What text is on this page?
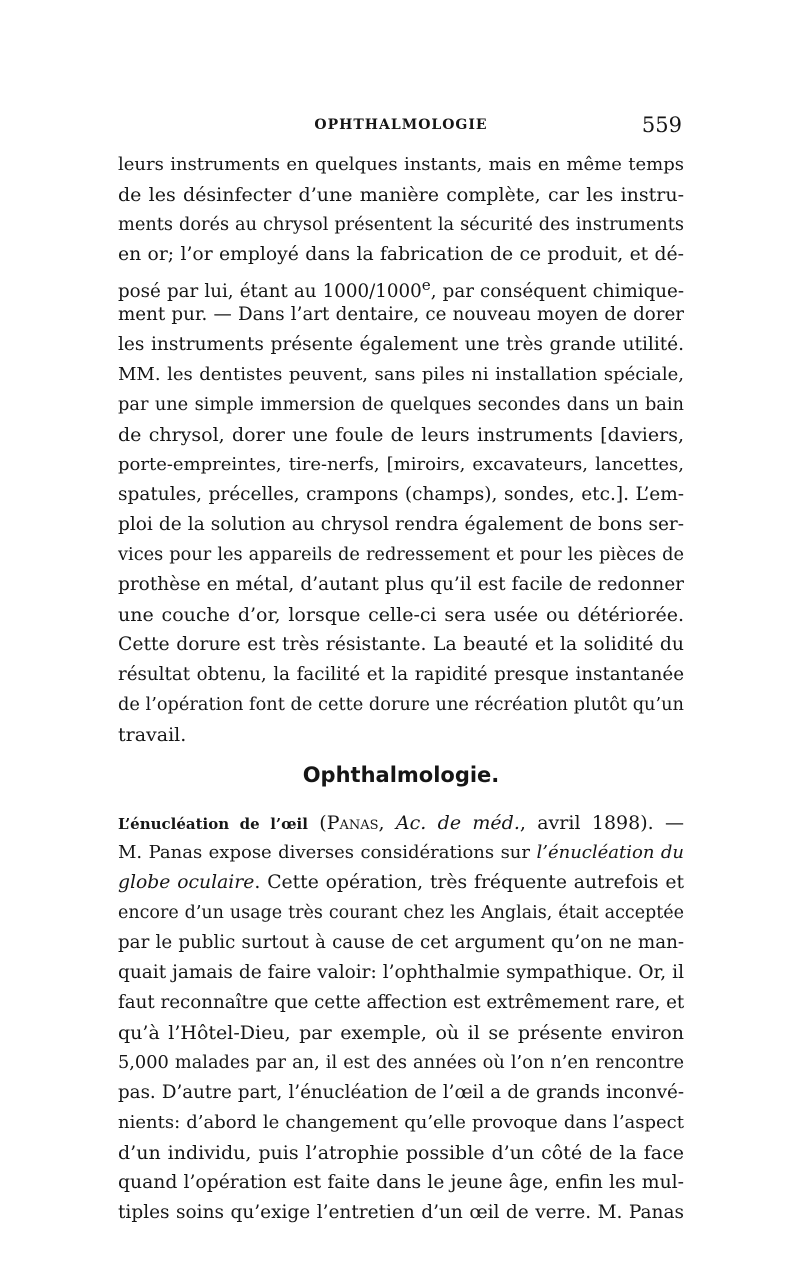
OPHTHALMOLOGIE	559
leurs instruments en quelques instants, mais en même temps
de les désinfecter d’une manière complète, car les instru-
ments dorés au chrysol présentent la sécurité des instruments
en or; l’or employé dans la fabrication de ce produit, et dé-
posé par lui, étant au 1000/1000e, par conséquent chimique-
ment pur. — Dans l’art dentaire, ce nouveau moyen de dorer
les instruments présente également une très grande utilité.
MM. les dentistes peuvent, sans piles ni installation spéciale,
par une simple immersion de quelques secondes dans un bain
de chrysol, dorer une foule de leurs instruments [daviers,
porte-empreintes, tire-nerfs, [miroirs, excavateurs, lancettes,
spatules, précelles, crampons (champs), sondes, etc.]. L’em-
ploi de la solution au chrysol rendra également de bons ser-
vices pour les appareils de redressement et pour les pièces de
prothèse en métal, d’autant plus qu’il est facile de redonner
une couche d’or, lorsque celle-ci sera usée ou détériorée.
Cette dorure est très résistante. La beauté et la solidité du
résultat obtenu, la facilité et la rapidité presque instantanée
de l’opération font de cette dorure une récréation plutôt qu’un
travail.
Ophthalmologie.
L’énucléation de l’œil (Panas, Ac. de méd., avril 1898). —
M. Panas expose diverses considérations sur l’énucléation du
globe oculaire. Cette opération, très fréquente autrefois et
encore d’un usage très courant chez les Anglais, était acceptée
par le public surtout à cause de cet argument qu’on ne man-
quait jamais de faire valoir: l’ophthalmie sympathique. Or, il
faut reconnaître que cette affection est extrêmement rare, et
qu’à l’Hôtel-Dieu, par exemple, où il se présente environ
5,000 malades par an, il est des années où l’on n’en rencontre
pas. D’autre part, l’énucléation de l’œil a de grands inconvé-
nients: d’abord le changement qu’elle provoque dans l’aspect
d’un individu, puis l’atrophie possible d’un côté de la face
quand l’opération est faite dans le jeune âge, enfin les mul-
tiples soins qu’exige l’entretien d’un œil de verre. M. Panas
